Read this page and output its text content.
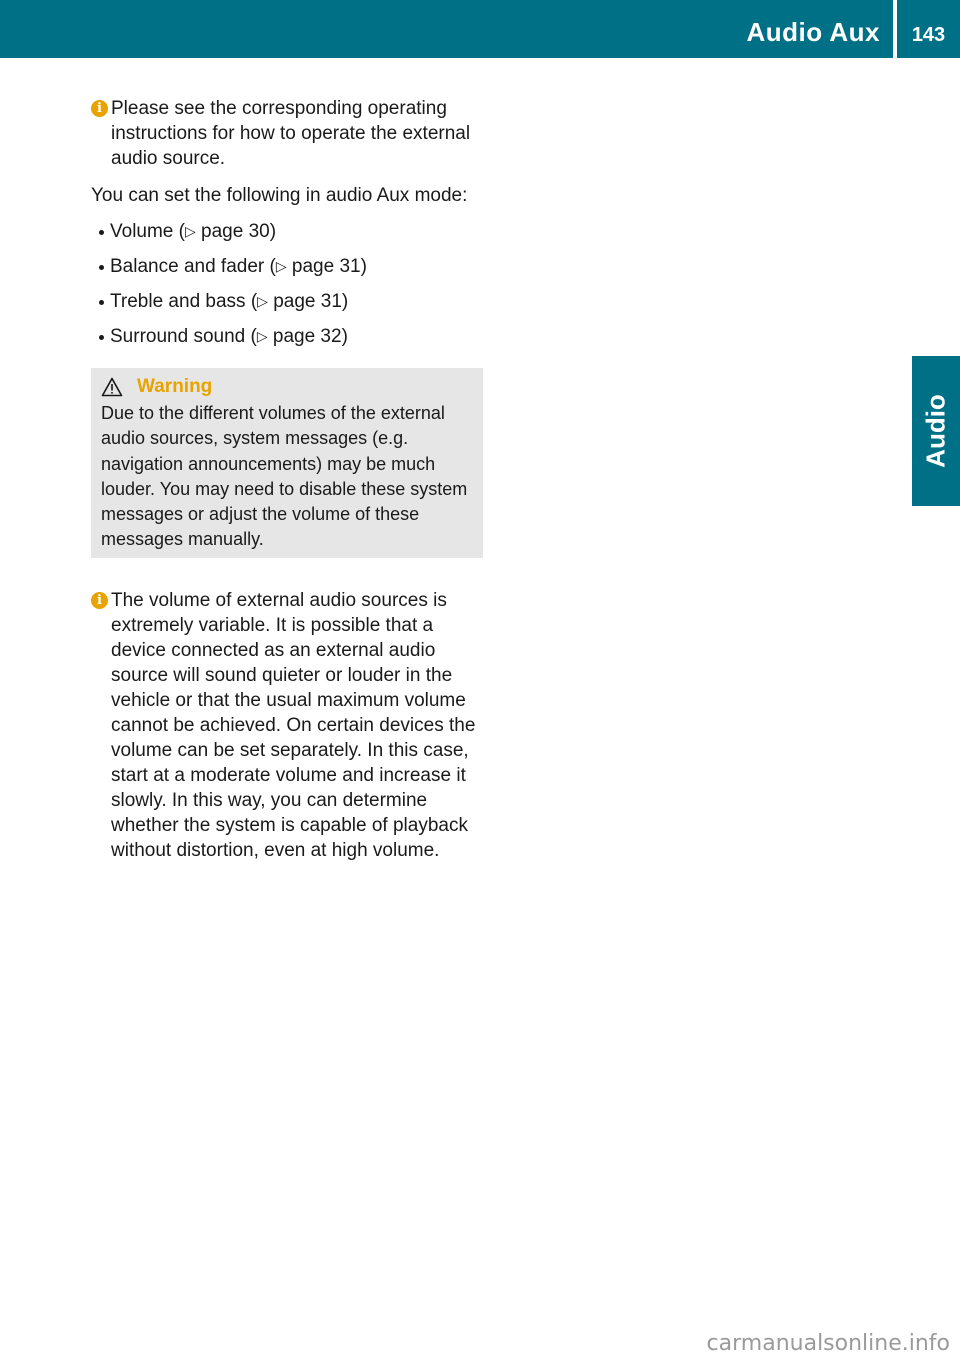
Audio Aux	143
Audio
i Please see the corresponding operating instructions for how to operate the external audio source.

You can set the following in audio Aux mode:

Volume (▷ page 30)
Balance and fader (▷ page 31)
Treble and bass (▷ page 31)
Surround sound (▷ page 32)
Warning

Due to the different volumes of the external audio sources, system messages (e.g. navigation announcements) may be much louder. You may need to disable these system messages or adjust the volume of these messages manually.

i The volume of external audio sources is extremely variable. It is possible that a device connected as an external audio source will sound quieter or louder in the vehicle or that the usual maximum volume cannot be achieved. On certain devices the volume can be set separately. In this case, start at a moderate volume and increase it slowly. In this way, you can determine whether the system is capable of playback without distortion, even at high volume.
carmanualsonline.info
